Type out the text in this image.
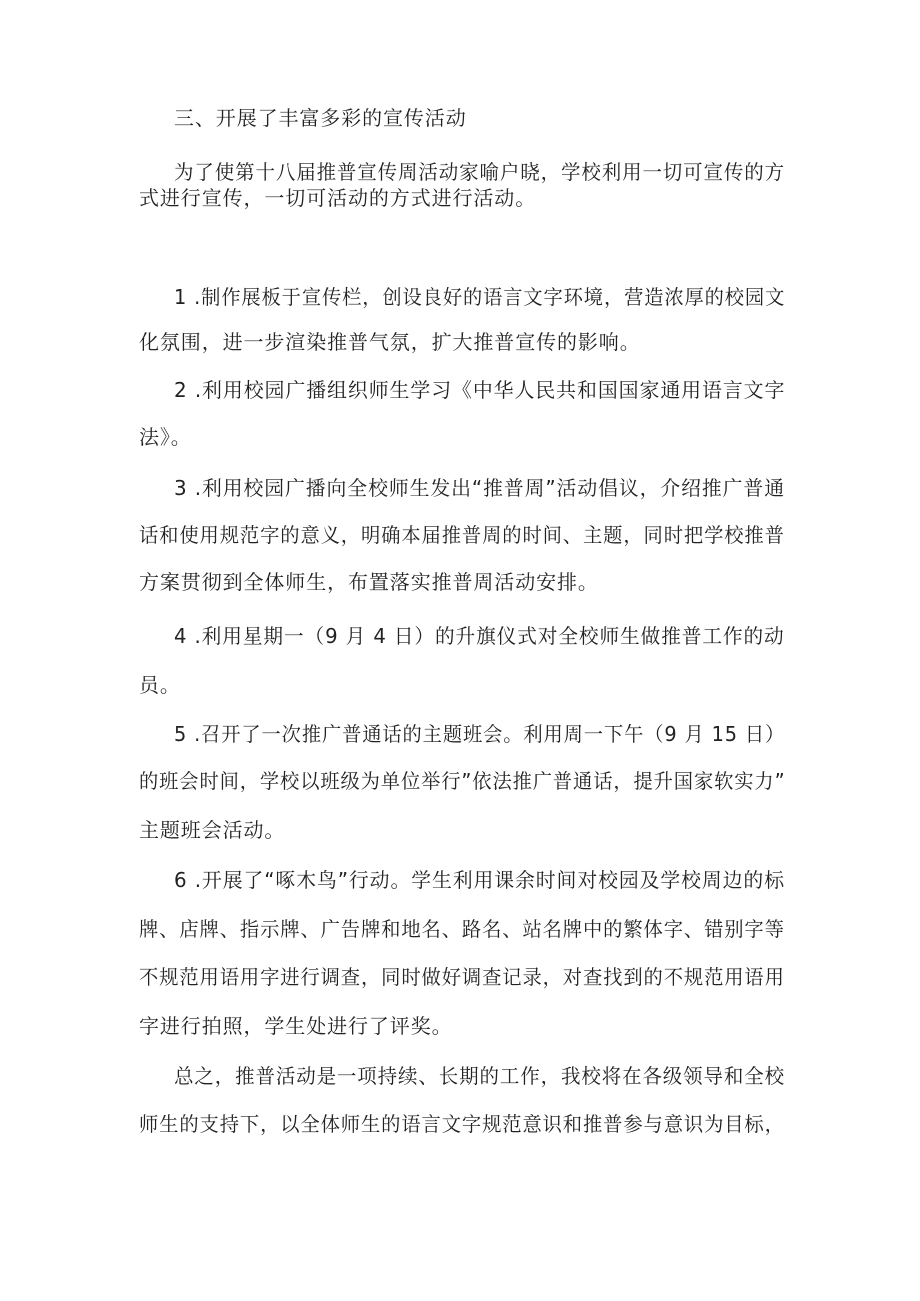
三、开展了丰富多彩的宣传活动
为了使第十八届推普宣传周活动家喻户晓，学校利用一切可宣传的方
式进行宣传，一切可活动的方式进行活动。
1 .制作展板于宣传栏，创设良好的语言文字环境，营造浓厚的校园文
化氛围，进一步渲染推普气氛，扩大推普宣传的影响。
2 .利用校园广播组织师生学习《中华人民共和国国家通用语言文字
法》。
3 .利用校园广播向全校师生发出“推普周”活动倡议，介绍推广普通
话和使用规范字的意义，明确本届推普周的时间、主题，同时把学校推普
方案贯彻到全体师生，布置落实推普周活动安排。
4 .利用星期一（9 月 4 日）的升旗仪式对全校师生做推普工作的动
员。
5 .召开了一次推广普通话的主题班会。利用周一下午（9 月 15 日）
的班会时间，学校以班级为单位举行”依法推广普通话，提升国家软实力”
主题班会活动。
6 .开展了“啄木鸟”行动。学生利用课余时间对校园及学校周边的标
牌、店牌、指示牌、广告牌和地名、路名、站名牌中的繁体字、错别字等
不规范用语用字进行调查，同时做好调查记录，对查找到的不规范用语用
字进行拍照，学生处进行了评奖。
总之，推普活动是一项持续、长期的工作，我校将在各级领导和全校
师生的支持下，以全体师生的语言文字规范意识和推普参与意识为目标，
